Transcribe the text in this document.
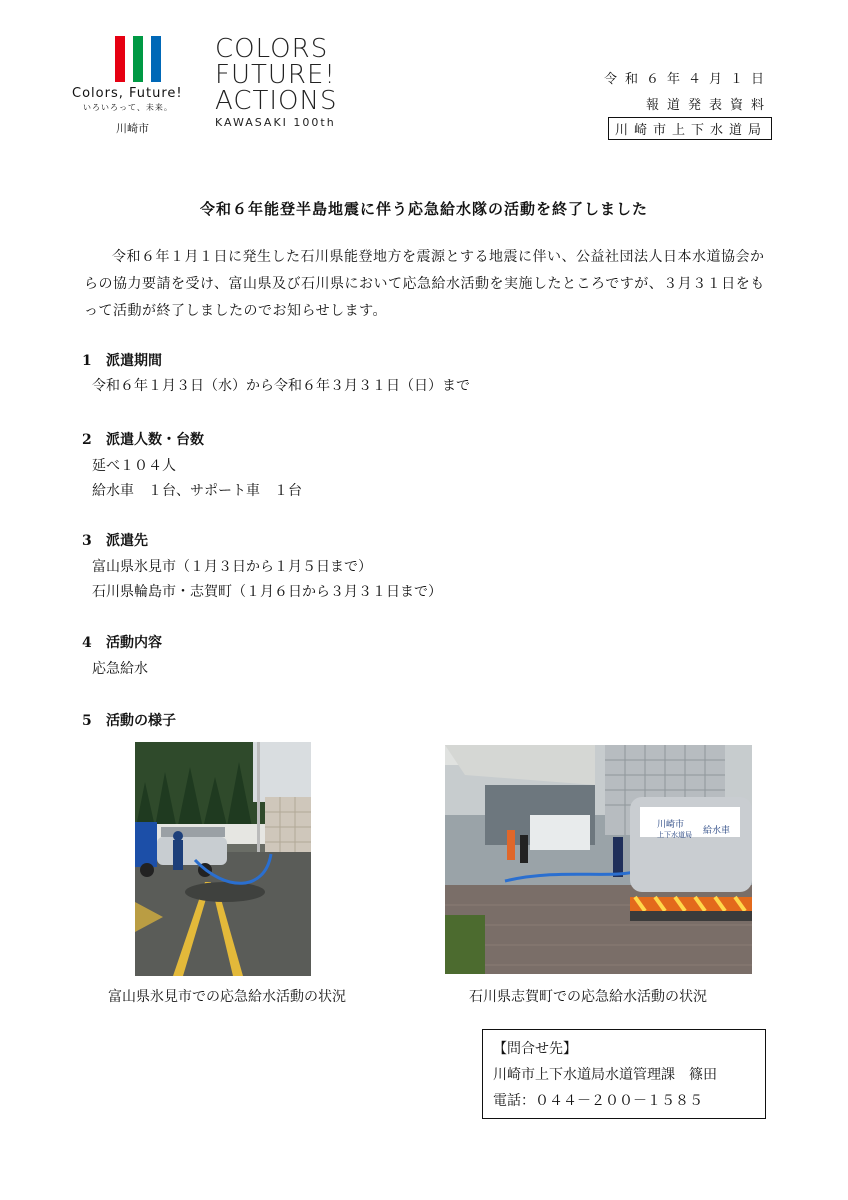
Colors, Future!
いろいろって、未来。
川崎市
COLORS
FUTURE!
ACTIONS
KAWASAKI 100th
令和６年４月１日
報道発表資料
川崎市上下水道局
令和６年能登半島地震に伴う応急給水隊の活動を終了しました
令和６年１月１日に発生した石川県能登地方を震源とする地震に伴い、公益社団法人日本水道協会からの協力要請を受け、富山県及び石川県において応急給水活動を実施したところですが、３月３１日をもって活動が終了しましたのでお知らせします。
1 派遣期間
令和６年１月３日（水）から令和６年３月３１日（日）まで
2 派遣人数・台数
延べ１０４人
給水車　１台、サポート車　１台
3 派遣先
富山県氷見市（１月３日から１月５日まで）
石川県輪島市・志賀町（１月６日から３月３１日まで）
4 活動内容
応急給水
5 活動の様子
富山県氷見市での応急給水活動の状況
川崎市
上下水道局 給水車
石川県志賀町での応急給水活動の状況
【問合せ先】
川崎市上下水道局水道管理課　篠田
電話：０４４－２００－１５８５
